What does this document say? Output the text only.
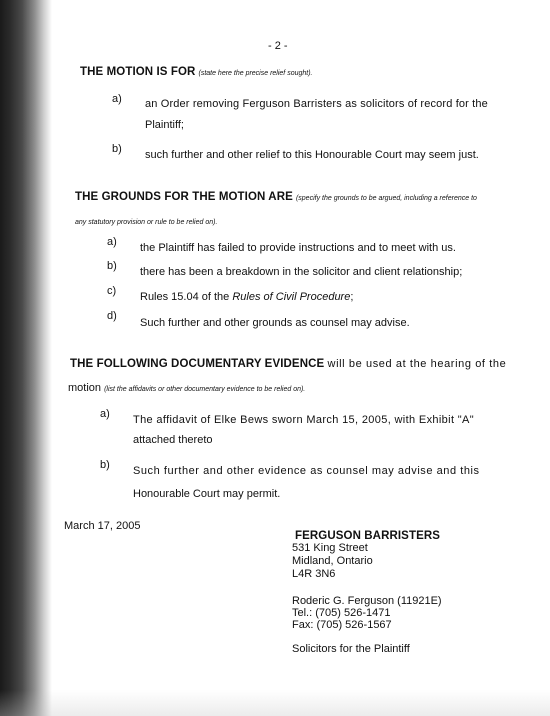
- 2 -
THE MOTION IS FOR (state here the precise relief sought).
a) an Order removing Ferguson Barristers as solicitors of record for the
Plaintiff;
b) such further and other relief to this Honourable Court may seem just.
THE GROUNDS FOR THE MOTION ARE (specify the grounds to be argued, including a reference to
any statutory provision or rule to be relied on).
a) the Plaintiff has failed to provide instructions and to meet with us.
b) there has been a breakdown in the solicitor and client relationship;
c) Rules 15.04 of the Rules of Civil Procedure;
d)
Such further and other grounds as counsel may advise.
THE FOLLOWING DOCUMENTARY EVIDENCE will be used at the hearing of the
motion (list the affidavits or other documentary evidence to be relied on).
a) The affidavit of Elke Bews sworn March 15, 2005, with Exhibit "A"
attached thereto
b) Such further and other evidence as counsel may advise and this
Honourable Court may permit.
March 17, 2005
FERGUSON BARRISTERS
531 King Street
Midland, Ontario
L4R 3N6
Roderic G. Ferguson (11921E)
Tel.: (705) 526-1471
Fax: (705) 526-1567
Solicitors for the Plaintiff
